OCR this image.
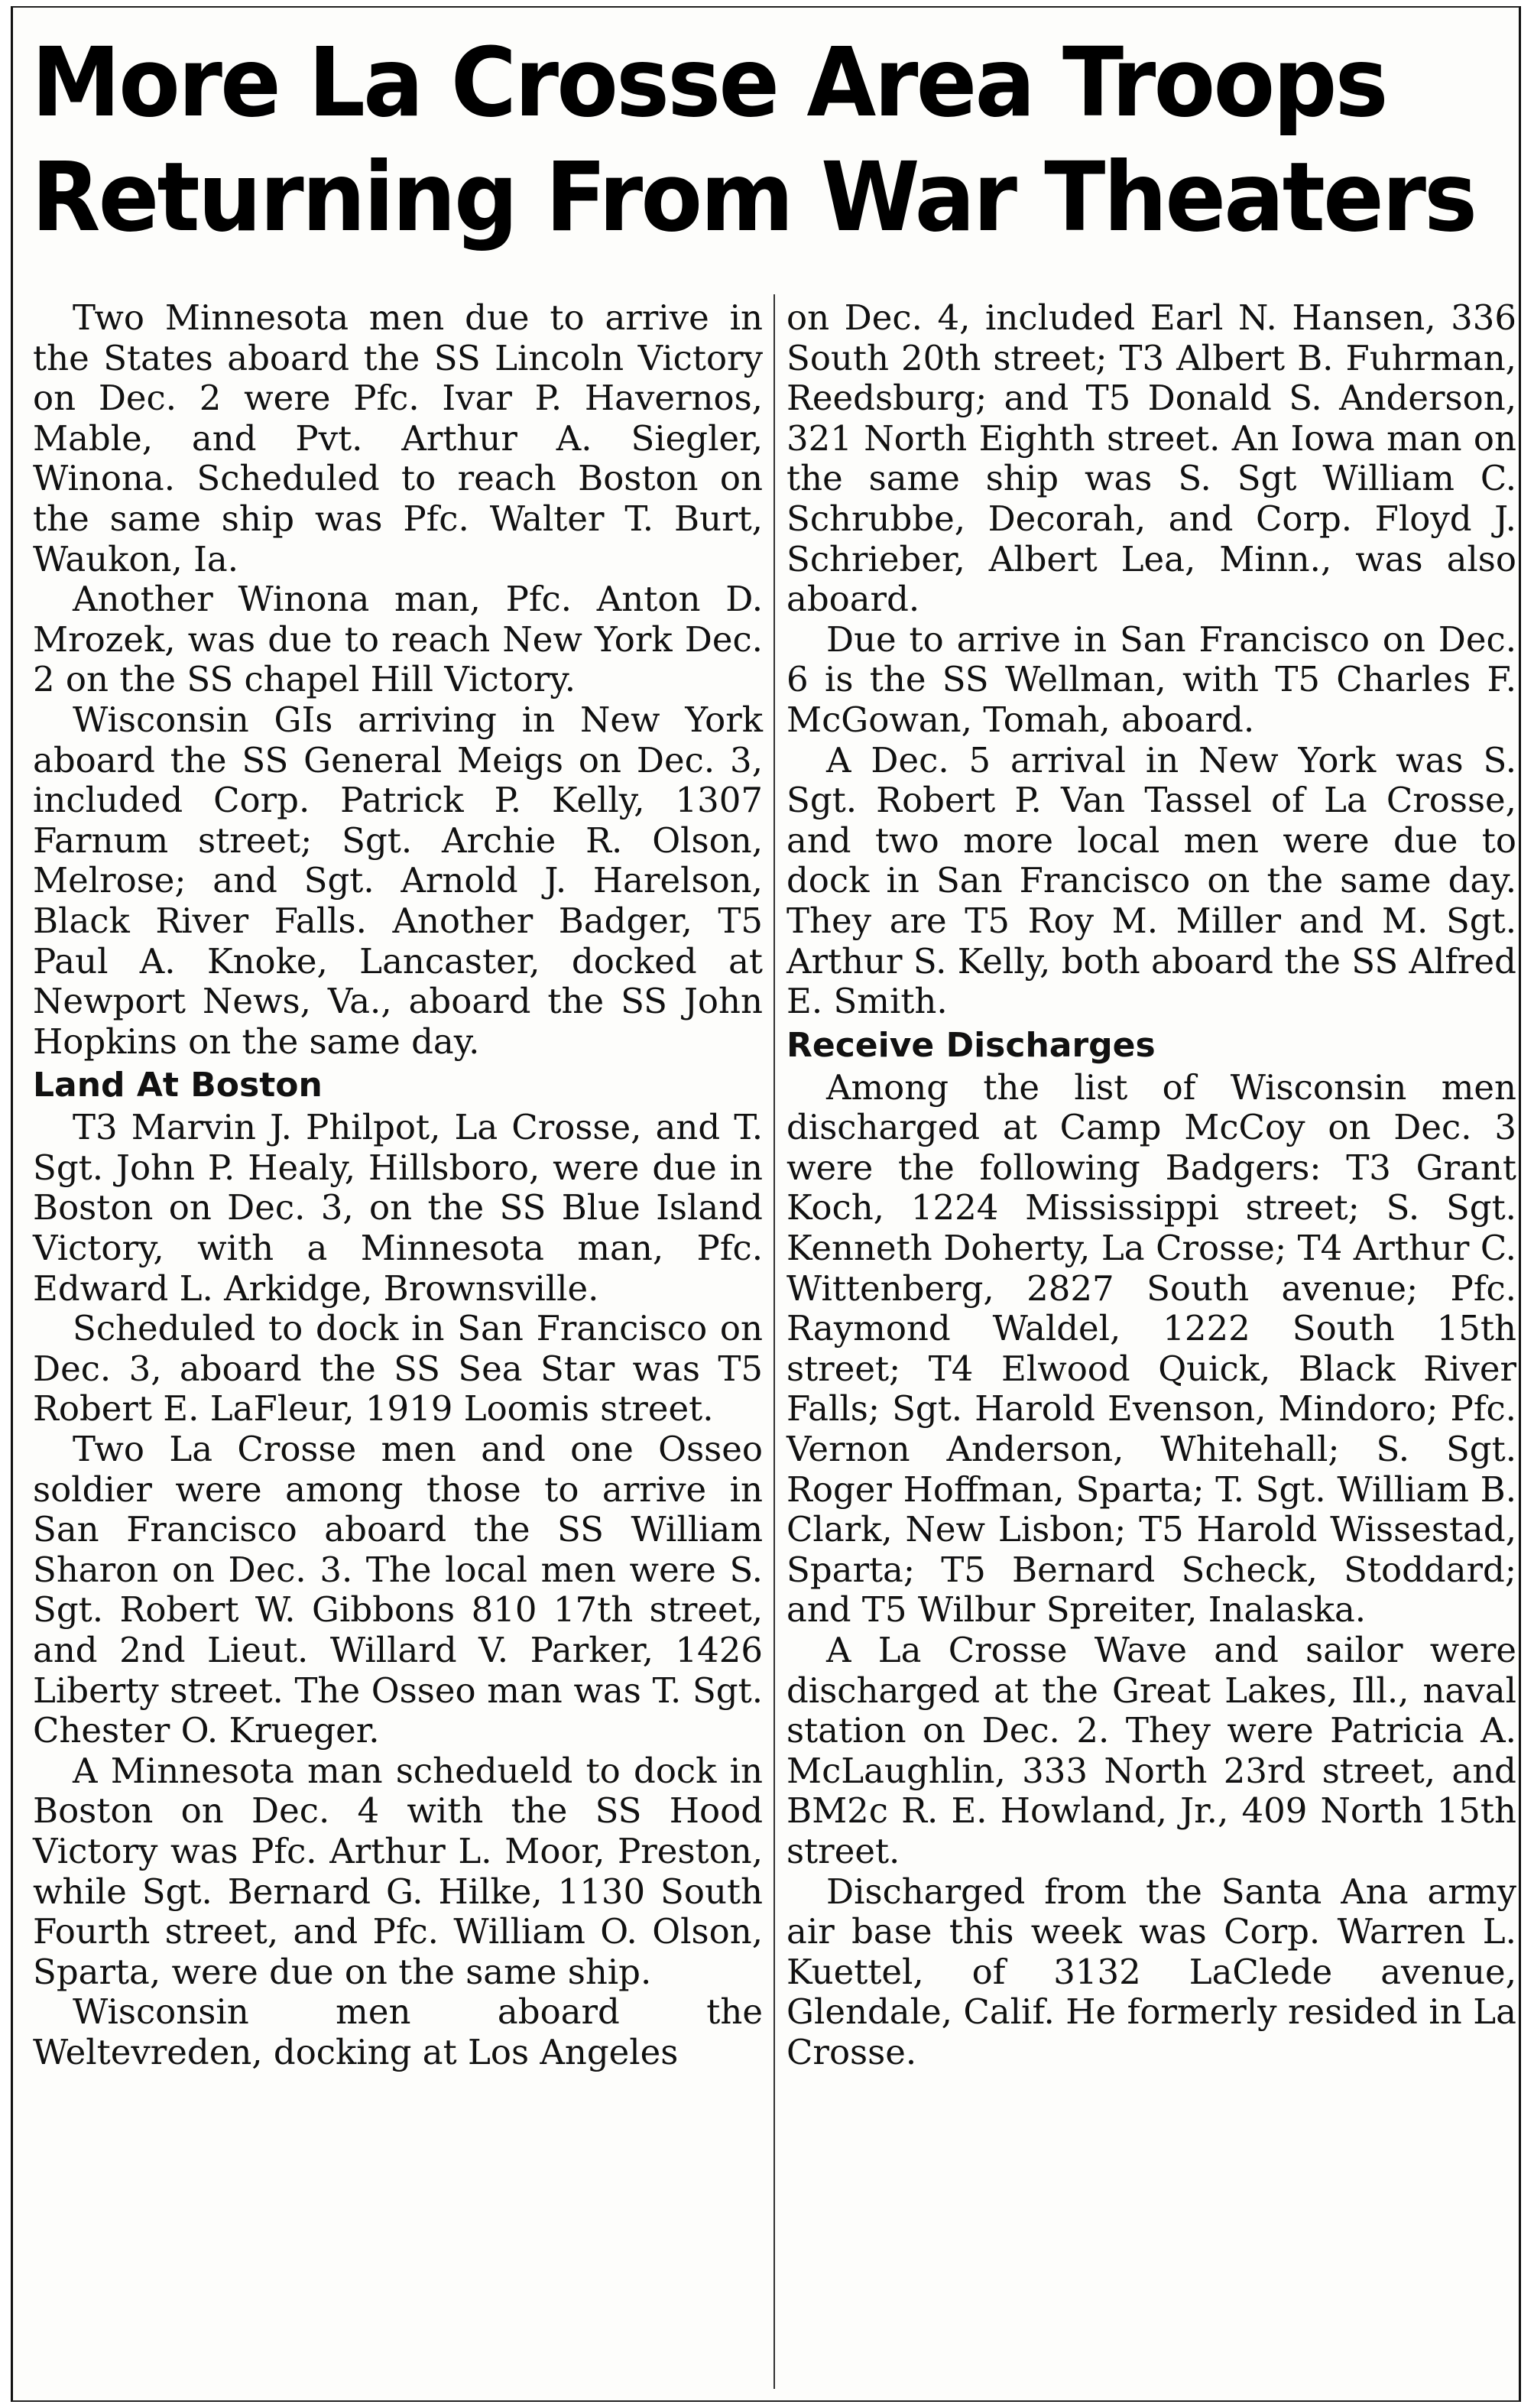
More La Crosse Area Troops
Returning From War Theaters

Two Minnesota men due to arrive in the States aboard the SS Lincoln Victory on Dec. 2 were Pfc. Ivar P. Havernos, Mable, and Pvt. Arthur A. Siegler, Winona. Scheduled to reach Boston on the same ship was Pfc. Walter T. Burt, Waukon, Ia.

Another Winona man, Pfc. Anton D. Mrozek, was due to reach New York Dec. 2 on the SS chapel Hill Victory.

Wisconsin GIs arriving in New York aboard the SS General Meigs on Dec. 3, included Corp. Patrick P. Kelly, 1307 Farnum street; Sgt. Archie R. Olson, Melrose; and Sgt. Arnold J. Harelson, Black River Falls. Another Badger, T5 Paul A. Knoke, Lancaster, docked at Newport News, Va., aboard the SS John Hopkins on the same day.

Land At Boston

T3 Marvin J. Philpot, La Crosse, and T. Sgt. John P. Healy, Hillsboro, were due in Boston on Dec. 3, on the SS Blue Island Victory, with a Minnesota man, Pfc. Edward L. Arkidge, Brownsville.

Scheduled to dock in San Francisco on Dec. 3, aboard the SS Sea Star was T5 Robert E. LaFleur, 1919 Loomis street.

Two La Crosse men and one Osseo soldier were among those to arrive in San Francisco aboard the SS William Sharon on Dec. 3. The local men were S. Sgt. Robert W. Gibbons 810 17th street, and 2nd Lieut. Willard V. Parker, 1426 Liberty street. The Osseo man was T. Sgt. Chester O. Krueger.

A Minnesota man schedueld to dock in Boston on Dec. 4 with the SS Hood Victory was Pfc. Arthur L. Moor, Preston, while Sgt. Bernard G. Hilke, 1130 South Fourth street, and Pfc. William O. Olson, Sparta, were due on the same ship.

Wisconsin men aboard the Weltevreden, docking at Los Angeles

on Dec. 4, included Earl N. Hansen, 336 South 20th street; T3 Albert B. Fuhrman, Reedsburg; and T5 Donald S. Anderson, 321 North Eighth street. An Iowa man on the same ship was S. Sgt William C. Schrubbe, Decorah, and Corp. Floyd J. Schrieber, Albert Lea, Minn., was also aboard.

Due to arrive in San Francisco on Dec. 6 is the SS Wellman, with T5 Charles F. McGowan, Tomah, aboard.

A Dec. 5 arrival in New York was S. Sgt. Robert P. Van Tassel of La Crosse, and two more local men were due to dock in San Francisco on the same day. They are T5 Roy M. Miller and M. Sgt. Arthur S. Kelly, both aboard the SS Alfred E. Smith.

Receive Discharges

Among the list of Wisconsin men discharged at Camp McCoy on Dec. 3 were the following Badgers: T3 Grant Koch, 1224 Mississippi street; S. Sgt. Kenneth Doherty, La Crosse; T4 Arthur C. Wittenberg, 2827 South avenue; Pfc. Raymond Waldel, 1222 South 15th street; T4 Elwood Quick, Black River Falls; Sgt. Harold Evenson, Mindoro; Pfc. Vernon Anderson, Whitehall; S. Sgt. Roger Hoffman, Sparta; T. Sgt. William B. Clark, New Lisbon; T5 Harold Wissestad, Sparta; T5 Bernard Scheck, Stoddard; and T5 Wilbur Spreiter, Inalaska.

A La Crosse Wave and sailor were discharged at the Great Lakes, Ill., naval station on Dec. 2. They were Patricia A. McLaughlin, 333 North 23rd street, and BM2c R. E. Howland, Jr., 409 North 15th street.

Discharged from the Santa Ana army air base this week was Corp. Warren L. Kuettel, of 3132 LaClede avenue, Glendale, Calif. He formerly resided in La Crosse.
